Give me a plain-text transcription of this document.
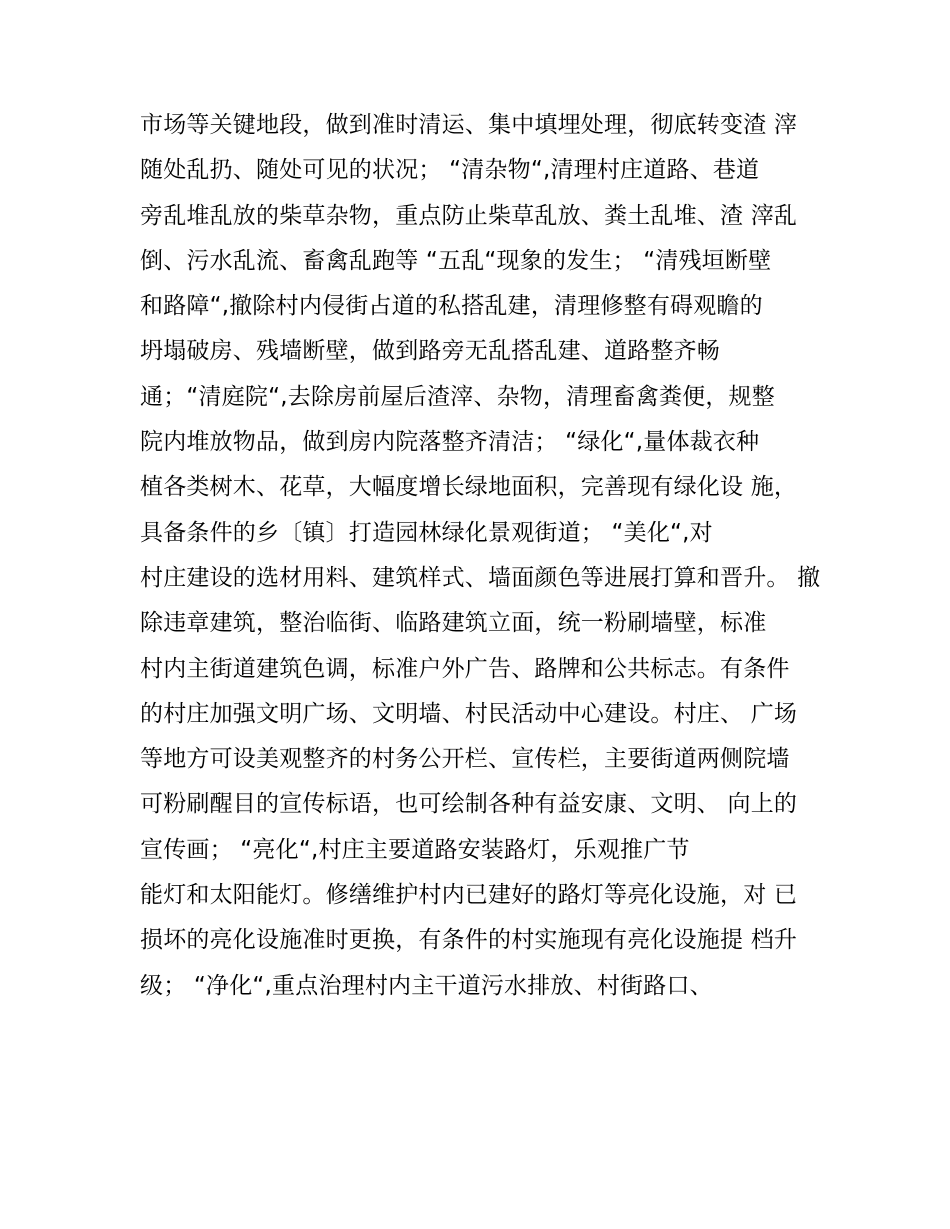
市场等关键地段，做到准时清运、集中填埋处理，彻底转变渣 滓
随处乱扔、随处可见的状况； “清杂物“,清理村庄道路、巷道
旁乱堆乱放的柴草杂物，重点防止柴草乱放、粪土乱堆、渣 滓乱
倒、污水乱流、畜禽乱跑等 “五乱“现象的发生； “清残垣断壁
和路障“,撤除村内侵街占道的私搭乱建，清理修整有碍观瞻的
坍塌破房、残墙断壁，做到路旁无乱搭乱建、道路整齐畅
通；“清庭院“,去除房前屋后渣滓、杂物，清理畜禽粪便，规整
院内堆放物品，做到房内院落整齐清洁； “绿化“,量体裁衣种
植各类树木、花草，大幅度增长绿地面积，完善现有绿化设 施，
具备条件的乡〔镇〕打造园林绿化景观街道； “美化“,对
村庄建设的选材用料、建筑样式、墙面颜色等进展打算和晋升。 撤
除违章建筑，整治临街、临路建筑立面，统一粉刷墙壁，标准
村内主街道建筑色调，标准户外广告、路牌和公共标志。有条件
的村庄加强文明广场、文明墙、村民活动中心建设。村庄、 广场
等地方可设美观整齐的村务公开栏、宣传栏，主要街道两侧院墙
可粉刷醒目的宣传标语，也可绘制各种有益安康、文明、 向上的
宣传画； “亮化“,村庄主要道路安装路灯，乐观推广节
能灯和太阳能灯。修缮维护村内已建好的路灯等亮化设施，对 已
损坏的亮化设施准时更换，有条件的村实施现有亮化设施提 档升
级； “净化“,重点治理村内主干道污水排放、村街路口、
